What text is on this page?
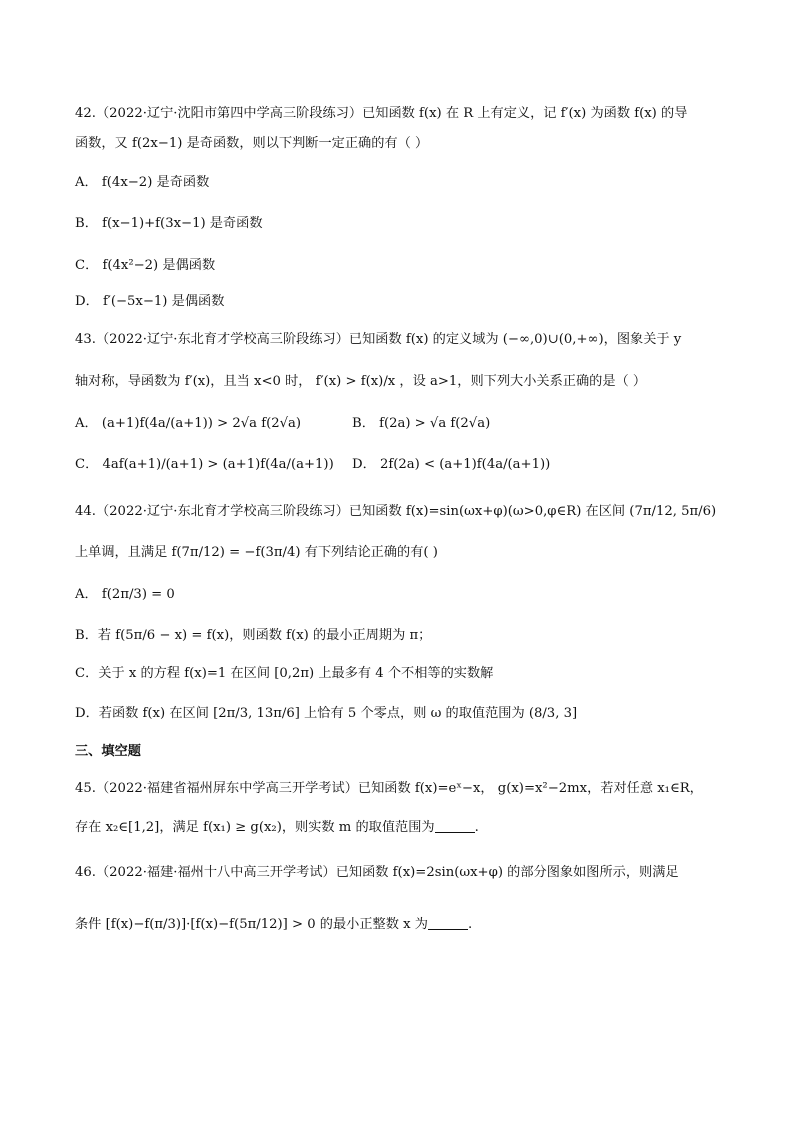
42.（2022·辽宁·沈阳市第四中学高三阶段练习）已知函数 f(x) 在 R 上有定义，记 f′(x) 为函数 f(x) 的导
函数，又 f(2x−1) 是奇函数，则以下判断一定正确的有（ ）
A． f(4x−2) 是奇函数
B． f(x−1)+f(3x−1) 是奇函数
C． f(4x²−2) 是偶函数
D． f′(−5x−1) 是偶函数
43.（2022·辽宁·东北育才学校高三阶段练习）已知函数 f(x) 的定义域为 (−∞,0)∪(0,+∞)，图象关于 y
轴对称，导函数为 f′(x)，且当 x<0 时， f′(x) > f(x)/x ，设 a>1，则下列大小关系正确的是（ ）
A． (a+1)f(4a/(a+1)) > 2√a f(2√a)	B． f(2a) > √a f(2√a)
C． 4af(a+1)/(a+1) > (a+1)f(4a/(a+1)) D． 2f(2a) < (a+1)f(4a/(a+1))
44.（2022·辽宁·东北育才学校高三阶段练习）已知函数 f(x)=sin(ωx+φ)(ω>0,φ∈R) 在区间 (7π/12, 5π/6)
上单调，且满足 f(7π/12) = −f(3π/4) 有下列结论正确的有( )
A． f(2π/3) = 0
B．若 f(5π/6 − x) = f(x)，则函数 f(x) 的最小正周期为 π；
C．关于 x 的方程 f(x)=1 在区间 [0,2π) 上最多有 4 个不相等的实数解
D．若函数 f(x) 在区间 [2π/3, 13π/6] 上恰有 5 个零点，则 ω 的取值范围为 (8/3, 3]
三、填空题
45.（2022·福建省福州屏东中学高三开学考试）已知函数 f(x)=eˣ−x， g(x)=x²−2mx，若对任意 x₁∈R，
存在 x₂∈[1,2]，满足 f(x₁) ≥ g(x₂)，则实数 m 的取值范围为	.
46.（2022·福建·福州十八中高三开学考试）已知函数 f(x)=2sin(ωx+φ) 的部分图象如图所示，则满足
条件 [f(x)−f(π/3)]·[f(x)−f(5π/12)] > 0 的最小正整数 x 为	.
